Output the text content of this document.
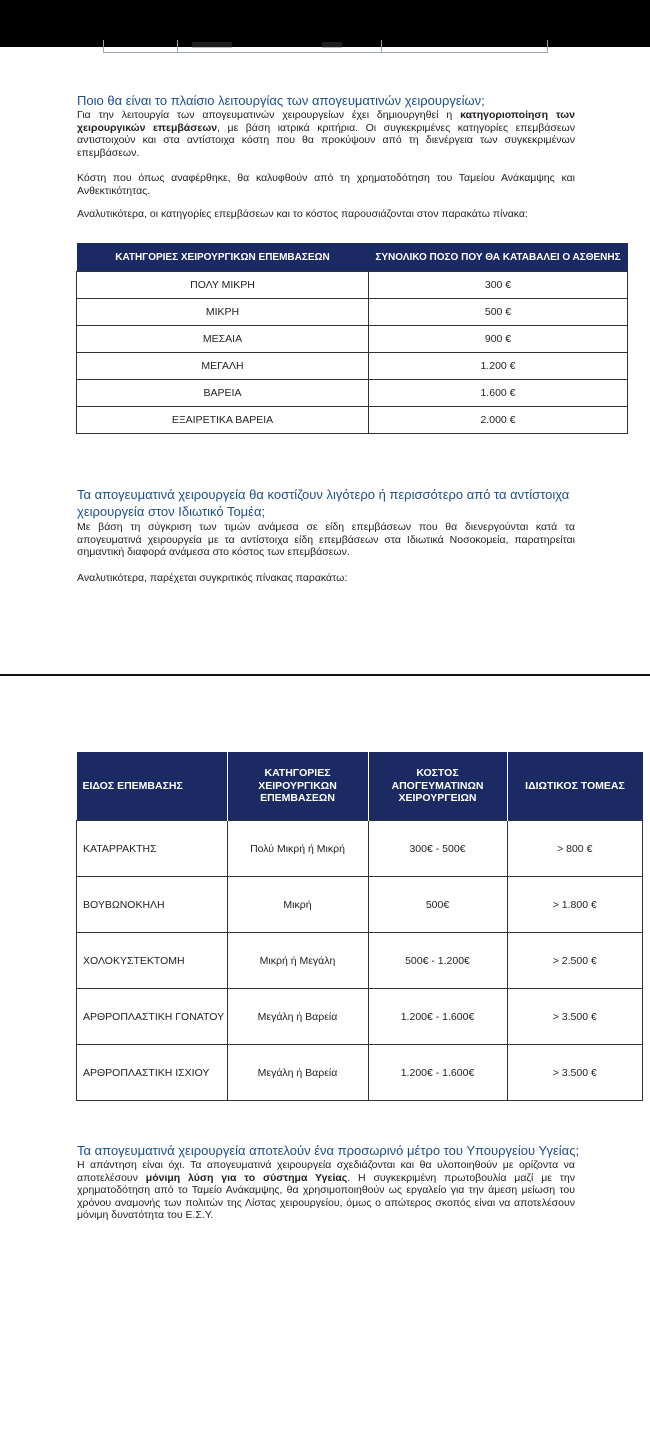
Ποιο θα είναι το πλαίσιο λειτουργίας των απογευματινών χειρουργείων;
Για την λειτουργία των απογευματινών χειρουργείων έχει δημιουργηθεί η κατηγοριοποίηση των χειρουργικών επεμβάσεων, με βάση ιατρικά κριτήρια. Οι συγκεκριμένες κατηγορίες επεμβάσεων αντιστοιχούν και στα αντίστοιχα κόστη που θα προκύψουν από τη διενέργεια των συγκεκριμένων επεμβάσεων.
Κόστη που όπως αναφέρθηκε, θα καλυφθούν από τη χρηματοδότηση του Ταμείου Ανάκαμψης και Ανθεκτικότητας.
Αναλυτικότερα, οι κατηγορίες επεμβάσεων και το κόστος παρουσιάζονται στον παρακάτω πίνακα:
ΚΑΤΗΓΟΡΙΕΣ ΧΕΙΡΟΥΡΓΙΚΩΝ ΕΠΕΜΒΑΣΕΩΝ	ΣΥΝΟΛΙΚΟ ΠΟΣΟ ΠΟΥ ΘΑ ΚΑΤΑΒΑΛΕΙ Ο ΑΣΘΕΝΗΣ
ΠΟΛΥ ΜΙΚΡΗ	300 €
ΜΙΚΡΗ	500 €
ΜΕΣΑΙΑ	900 €
ΜΕΓΑΛΗ	1.200 €
ΒΑΡΕΙΑ	1.600 €
ΕΞΑΙΡΕΤΙΚΑ ΒΑΡΕΙΑ	2.000 €
Τα απογευματινά χειρουργεία θα κοστίζουν λιγότερο ή περισσότερο από τα αντίστοιχα χειρουργεία στον Ιδιωτικό Τομέα;
Με βάση τη σύγκριση των τιμών ανάμεσα σε είδη επεμβάσεων που θα διενεργούνται κατά τα απογευματινά χειρουργεία με τα αντίστοιχα είδη επεμβάσεων στα Ιδιωτικά Νοσοκομεία, παρατηρείται σημαντική διαφορά ανάμεσα στο κόστος των επεμβάσεων.
Αναλυτικότερα, παρέχεται συγκριτικός πίνακας παρακάτω:
ΕΙΔΟΣ ΕΠΕΜΒΑΣΗΣ	ΚΑΤΗΓΟΡΙΕΣ ΧΕΙΡΟΥΡΓΙΚΩΝ ΕΠΕΜΒΑΣΕΩΝ	ΚΟΣΤΟΣ ΑΠΟΓΕΥΜΑΤΙΝΩΝ ΧΕΙΡΟΥΡΓΕΙΩΝ	ΙΔΙΩΤΙΚΟΣ ΤΟΜΕΑΣ
ΚΑΤΑΡΡΑΚΤΗΣ	Πολύ Μικρή ή Μικρή	300€ - 500€	> 800 €
ΒΟΥΒΩΝΟΚΗΛΗ	Μικρή	500€	> 1.800 €
ΧΟΛΟΚΥΣΤΕΚΤΟΜΗ	Μικρή ή Μεγάλη	500€ - 1.200€	> 2.500 €
ΑΡΘΡΟΠΛΑΣΤΙΚΗ ΓΟΝΑΤΟΥ	Μεγάλη ή Βαρεία	1.200€ - 1.600€	> 3.500 €
ΑΡΘΡΟΠΛΑΣΤΙΚΗ ΙΣΧΙΟΥ	Μεγάλη ή Βαρεία	1.200€ - 1.600€	> 3.500 €
Τα απογευματινά χειρουργεία αποτελούν ένα προσωρινό μέτρο του Υπουργείου Υγείας;
Η απάντηση είναι όχι. Τα απογευματινά χειρουργεία σχεδιάζονται και θα υλοποιηθούν με ορίζοντα να αποτελέσουν μόνιμη λύση για το σύστημα Υγείας. Η συγκεκριμένη πρωτοβουλία μαζί με την χρηματοδότηση από το Ταμείο Ανάκαμψης, θα χρησιμοποιηθούν ως εργαλείο για την άμεση μείωση του χρόνου αναμονής των πολιτών της Λίστας χειρουργείου, όμως ο απώτερος σκοπός είναι να αποτελέσουν μόνιμη δυνατότητα του Ε.Σ.Υ.
